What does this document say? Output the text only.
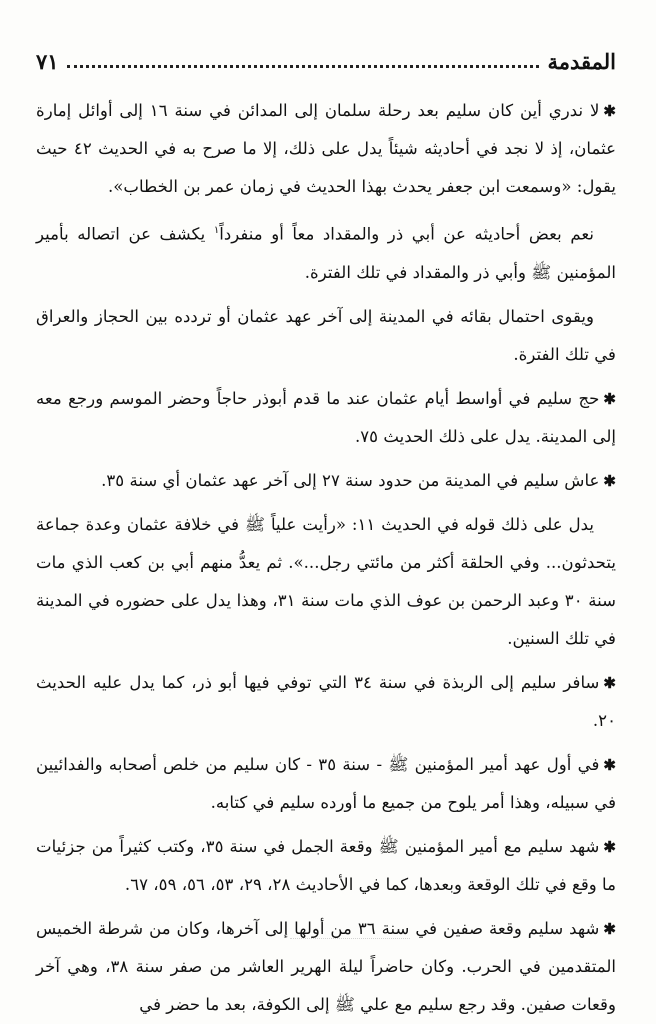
المقدمة
٧١

✱لا ندري أين كان سليم بعد رحلة سلمان إلى المدائن في سنة ١٦ إلى أوائل إمارة عثمان، إذ لا نجد في أحاديثه شيئاً يدل على ذلك، إلا ما صرح به في الحديث ٤٢ حيث يقول: «وسمعت ابن جعفر يحدث بهذا الحديث في زمان عمر بن الخطاب».

نعم بعض أحاديثه عن أبي ذر والمقداد معاً أو منفرداً$^١$ يكشف عن اتصاله بأمير المؤمنين ﷺ وأبي ذر والمقداد في تلك الفترة.

ويقوى احتمال بقائه في المدينة إلى آخر عهد عثمان أو تردده بين الحجاز والعراق في تلك الفترة.

✱حج سليم في أواسط أيام عثمان عند ما قدم أبوذر حاجاً وحضر الموسم ورجع معه إلى المدينة. يدل على ذلك الحديث ٧٥.

✱عاش سليم في المدينة من حدود سنة ٢٧ إلى آخر عهد عثمان أي سنة ٣٥.

يدل على ذلك قوله في الحديث ١١: «رأيت علياً ﷺ في خلافة عثمان وعدة جماعة يتحدثون... وفي الحلقة أكثر من مائتي رجل...». ثم يعدُّ منهم أبي بن كعب الذي مات سنة ٣٠ وعبد الرحمن بن عوف الذي مات سنة ٣١، وهذا يدل على حضوره في المدينة في تلك السنين.

✱سافر سليم إلى الربذة في سنة ٣٤ التي توفي فيها أبو ذر، كما يدل عليه الحديث ٢٠.

✱في أول عهد أمير المؤمنين ﷺ - سنة ٣٥ - كان سليم من خلص أصحابه والفدائيين في سبيله، وهذا أمر يلوح من جميع ما أورده سليم في كتابه.

✱شهد سليم مع أمير المؤمنين ﷺ وقعة الجمل في سنة ٣٥، وكتب كثيراً من جزئيات ما وقع في تلك الوقعة وبعدها، كما في الأحاديث ٢٨، ٢٩، ٥٣، ٥٦، ٥٩، ٦٧.

✱شهد سليم وقعة صفين في سنة ٣٦ من أولها إلى آخرها، وكان من شرطة الخميس المتقدمين في الحرب. وكان حاضراً ليلة الهرير العاشر من صفر سنة ٣٨، وهي آخر وقعات صفين. وقد رجع سليم مع علي ﷺ إلى الكوفة، بعد ما حضر في
